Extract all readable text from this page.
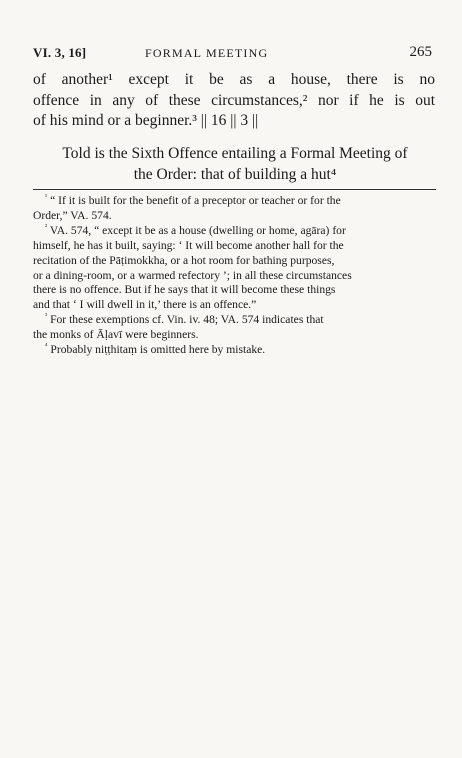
VI. 3, 16]	FORMAL MEETING	265
of another¹ except it be as a house, there is no
offence in any of these circumstances,² nor if he is out
of his mind or a beginner.³ || 16 || 3 ||
Told is the Sixth Offence entailing a Formal Meeting of
the Order: that of building a hut⁴
$^{^1}$ “ If it is built for the benefit of a preceptor or teacher or for the
Order,” VA. 574.
$^{^2}$ VA. 574, “ except it be as a house (dwelling or home, agāra) for
himself, he has it built, saying: ‘ It will become another hall for the
recitation of the Pāṭimokkha, or a hot room for bathing purposes,
or a dining-room, or a warmed refectory ’; in all these circumstances
there is no offence. But if he says that it will become these things
and that ‘ I will dwell in it,’ there is an offence.”
$^{^3}$ For these exemptions cf. Vin. iv. 48; VA. 574 indicates that
the monks of Āḷavī were beginners.
$^{^4}$ Probably niṭṭhitaṃ is omitted here by mistake.
